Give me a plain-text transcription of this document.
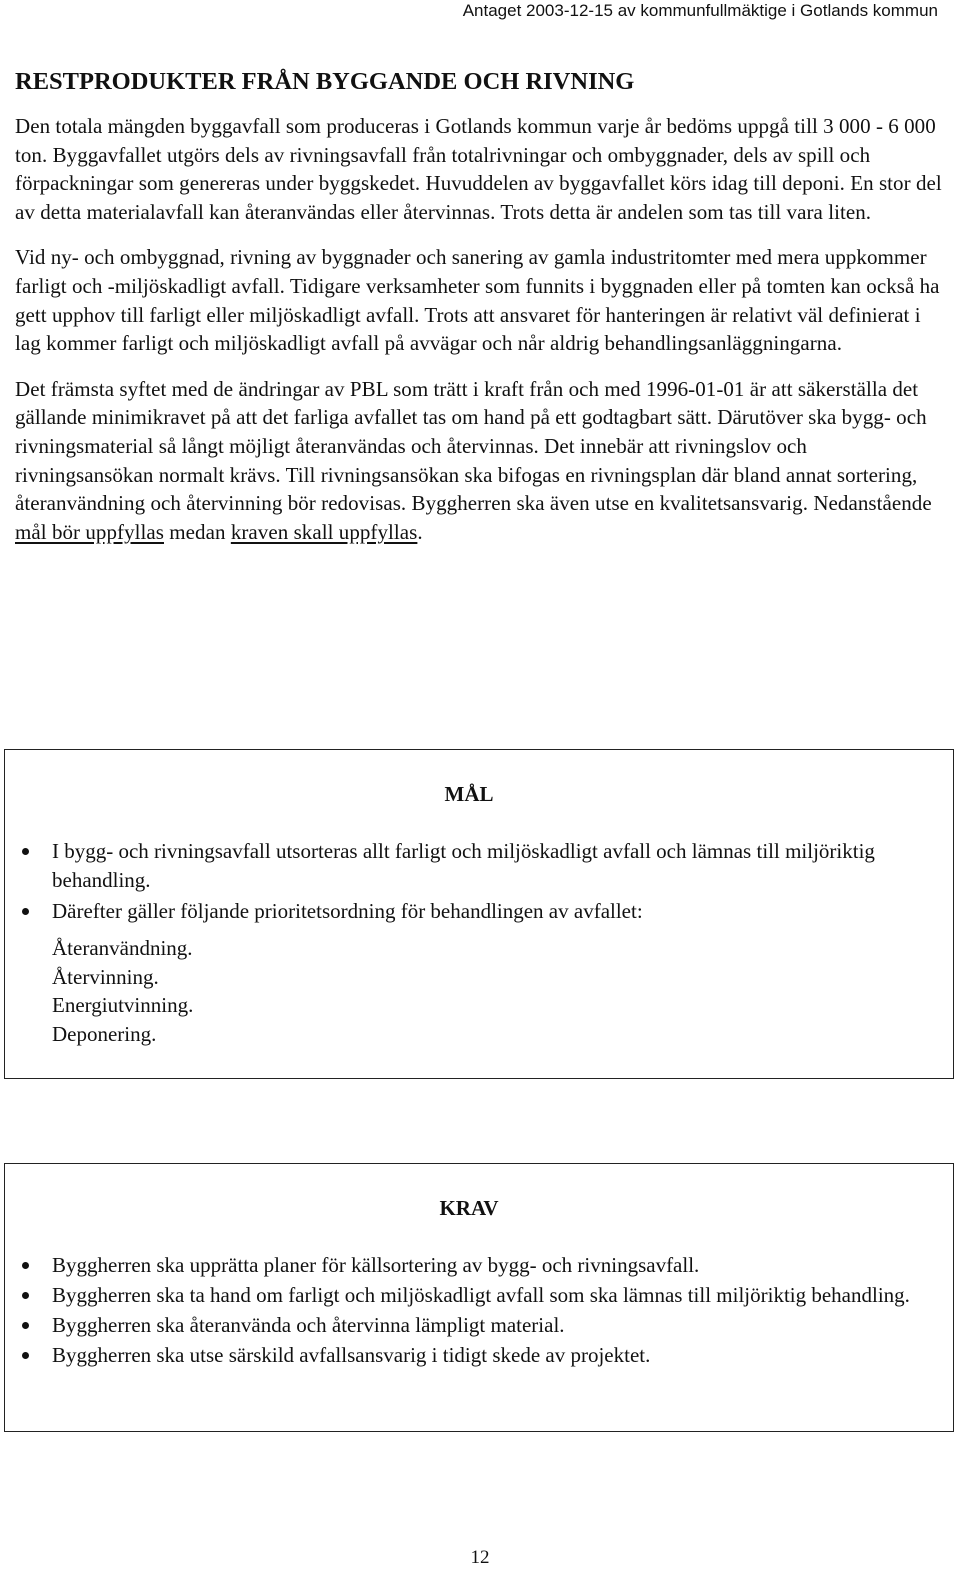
Antaget 2003-12-15 av kommunfullmäktige i Gotlands kommun
RESTPRODUKTER FRÅN BYGGANDE OCH RIVNING

Den totala mängden byggavfall som produceras i Gotlands kommun varje år bedöms uppgå till 3 000 - 6 000 ton. Byggavfallet utgörs dels av rivningsavfall från totalrivningar och ombyggnader, dels av spill och förpackningar som genereras under byggskedet. Huvuddelen av byggavfallet körs idag till deponi. En stor del av detta materialavfall kan återanvändas eller återvinnas. Trots detta är andelen som tas till vara liten.

Vid ny- och ombyggnad, rivning av byggnader och sanering av gamla industritomter med mera uppkommer farligt och -miljöskadligt avfall. Tidigare verksamheter som funnits i byggnaden eller på tomten kan också ha gett upphov till farligt eller miljöskadligt avfall. Trots att ansvaret för hanteringen är relativt väl definierat i lag kommer farligt och miljöskadligt avfall på avvägar och når aldrig behandlingsanläggningarna.

Det främsta syftet med de ändringar av PBL som trätt i kraft från och med 1996-01-01 är att säkerställa det gällande minimikravet på att det farliga avfallet tas om hand på ett godtagbart sätt. Därutöver ska bygg- och rivningsmaterial så långt möjligt återanvändas och återvinnas. Det innebär att rivningslov och rivningsansökan normalt krävs. Till rivningsansökan ska bifogas en rivningsplan där bland annat sortering, återanvändning och återvinning bör redovisas. Byggherren ska även utse en kvalitetsansvarig. Nedanstående mål bör uppfyllas medan kraven skall uppfyllas.

MÅL
I bygg- och rivningsavfall utsorteras allt farligt och miljöskadligt avfall och lämnas till miljöriktig behandling.
Därefter gäller följande prioritetsordning för behandlingen av avfallet:
Återanvändning.
Återvinning.
Energiutvinning.
Deponering.
KRAV
Byggherren ska upprätta planer för källsortering av bygg- och rivningsavfall.
Byggherren ska ta hand om farligt och miljöskadligt avfall som ska lämnas till miljöriktig behandling.
Byggherren ska återanvända och återvinna lämpligt material.
Byggherren ska utse särskild avfallsansvarig i tidigt skede av projektet.
12
